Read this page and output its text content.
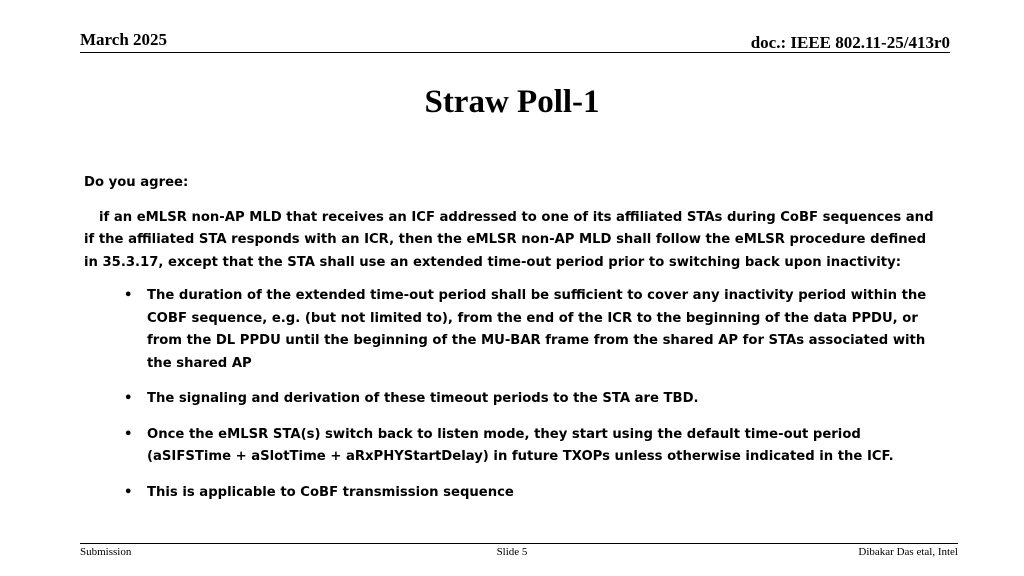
March 2025	doc.: IEEE 802.11-25/413r0
Straw Poll-1

Do you agree:

if an eMLSR non-AP MLD that receives an ICF addressed to one of its affiliated STAs during CoBF sequences and if the affiliated STA responds with an ICR, then the eMLSR non-AP MLD shall follow the eMLSR procedure defined in 35.3.17, except that the STA shall use an extended time-out period prior to switching back upon inactivity:

• The duration of the extended time-out period shall be sufficient to cover any inactivity period within the COBF sequence, e.g. (but not limited to), from the end of the ICR to the beginning of the data PPDU, or from the DL PPDU until the beginning of the MU-BAR frame from the shared AP for STAs associated with the shared AP
• The signaling and derivation of these timeout periods to the STA are TBD.
• Once the eMLSR STA(s) switch back to listen mode, they start using the default time-out period (aSIFSTime + aSlotTime + aRxPHYStartDelay) in future TXOPs unless otherwise indicated in the ICF.
• This is applicable to CoBF transmission sequence
Submission	Slide 5	Dibakar Das etal, Intel
